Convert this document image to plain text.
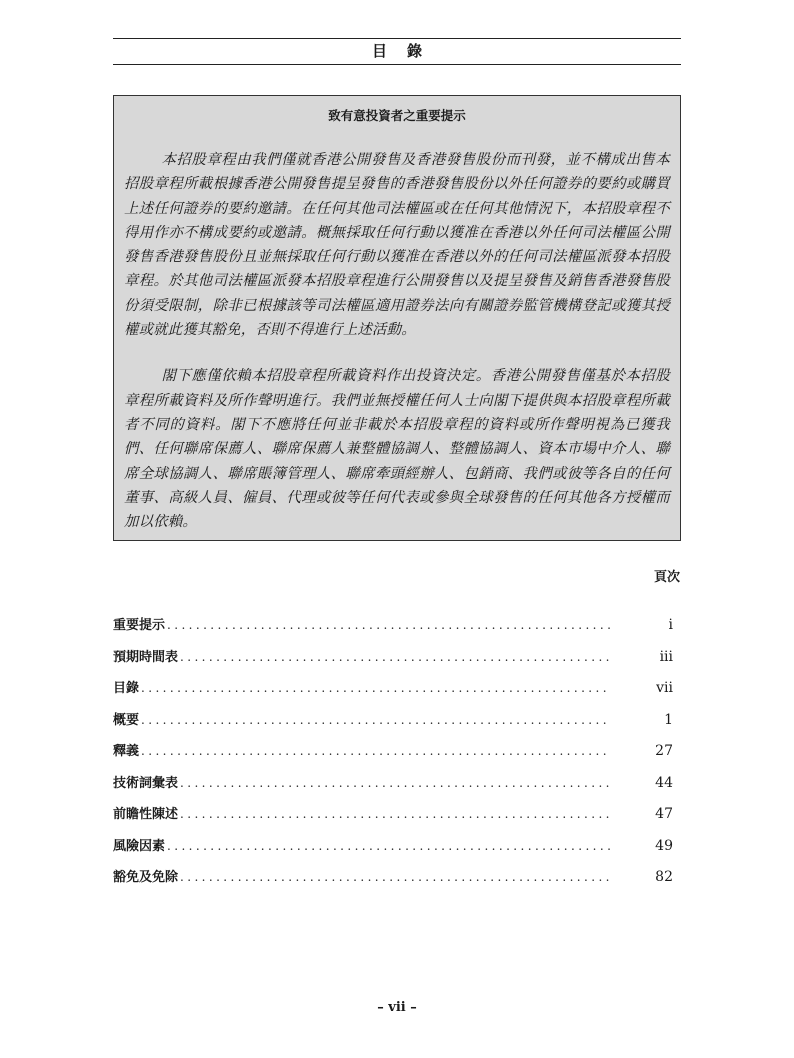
目錄
致有意投資者之重要提示

本招股章程由我們僅就香港公開發售及香港發售股份而刊發，並不構成出售本招股章程所載根據香港公開發售提呈發售的香港發售股份以外任何證券的要約或購買上述任何證券的要約邀請。在任何其他司法權區或在任何其他情況下，本招股章程不得用作亦不構成要約或邀請。概無採取任何行動以獲准在香港以外任何司法權區公開發售香港發售股份且並無採取任何行動以獲准在香港以外的任何司法權區派發本招股章程。於其他司法權區派發本招股章程進行公開發售以及提呈發售及銷售香港發售股份須受限制，除非已根據該等司法權區適用證券法向有關證券監管機構登記或獲其授權或就此獲其豁免，否則不得進行上述活動。

閣下應僅依賴本招股章程所載資料作出投資決定。香港公開發售僅基於本招股章程所載資料及所作聲明進行。我們並無授權任何人士向閣下提供與本招股章程所載者不同的資料。閣下不應將任何並非載於本招股章程的資料或所作聲明視為已獲我們、任何聯席保薦人、聯席保薦人兼整體協調人、整體協調人、資本市場中介人、聯席全球協調人、聯席賬簿管理人、聯席牽頭經辦人、包銷商、我們或彼等各自的任何董事、高級人員、僱員、代理或彼等任何代表或參與全球發售的任何其他各方授權而加以依賴。

頁次
重要提示 .....	i
預期時間表 .....	iii
目錄 .....	vii
概要 .....	1
釋義 .....	27
技術詞彙表 .....	44
前瞻性陳述 .....	47
風險因素 .....	49
豁免及免除 .....	82
– vii –
